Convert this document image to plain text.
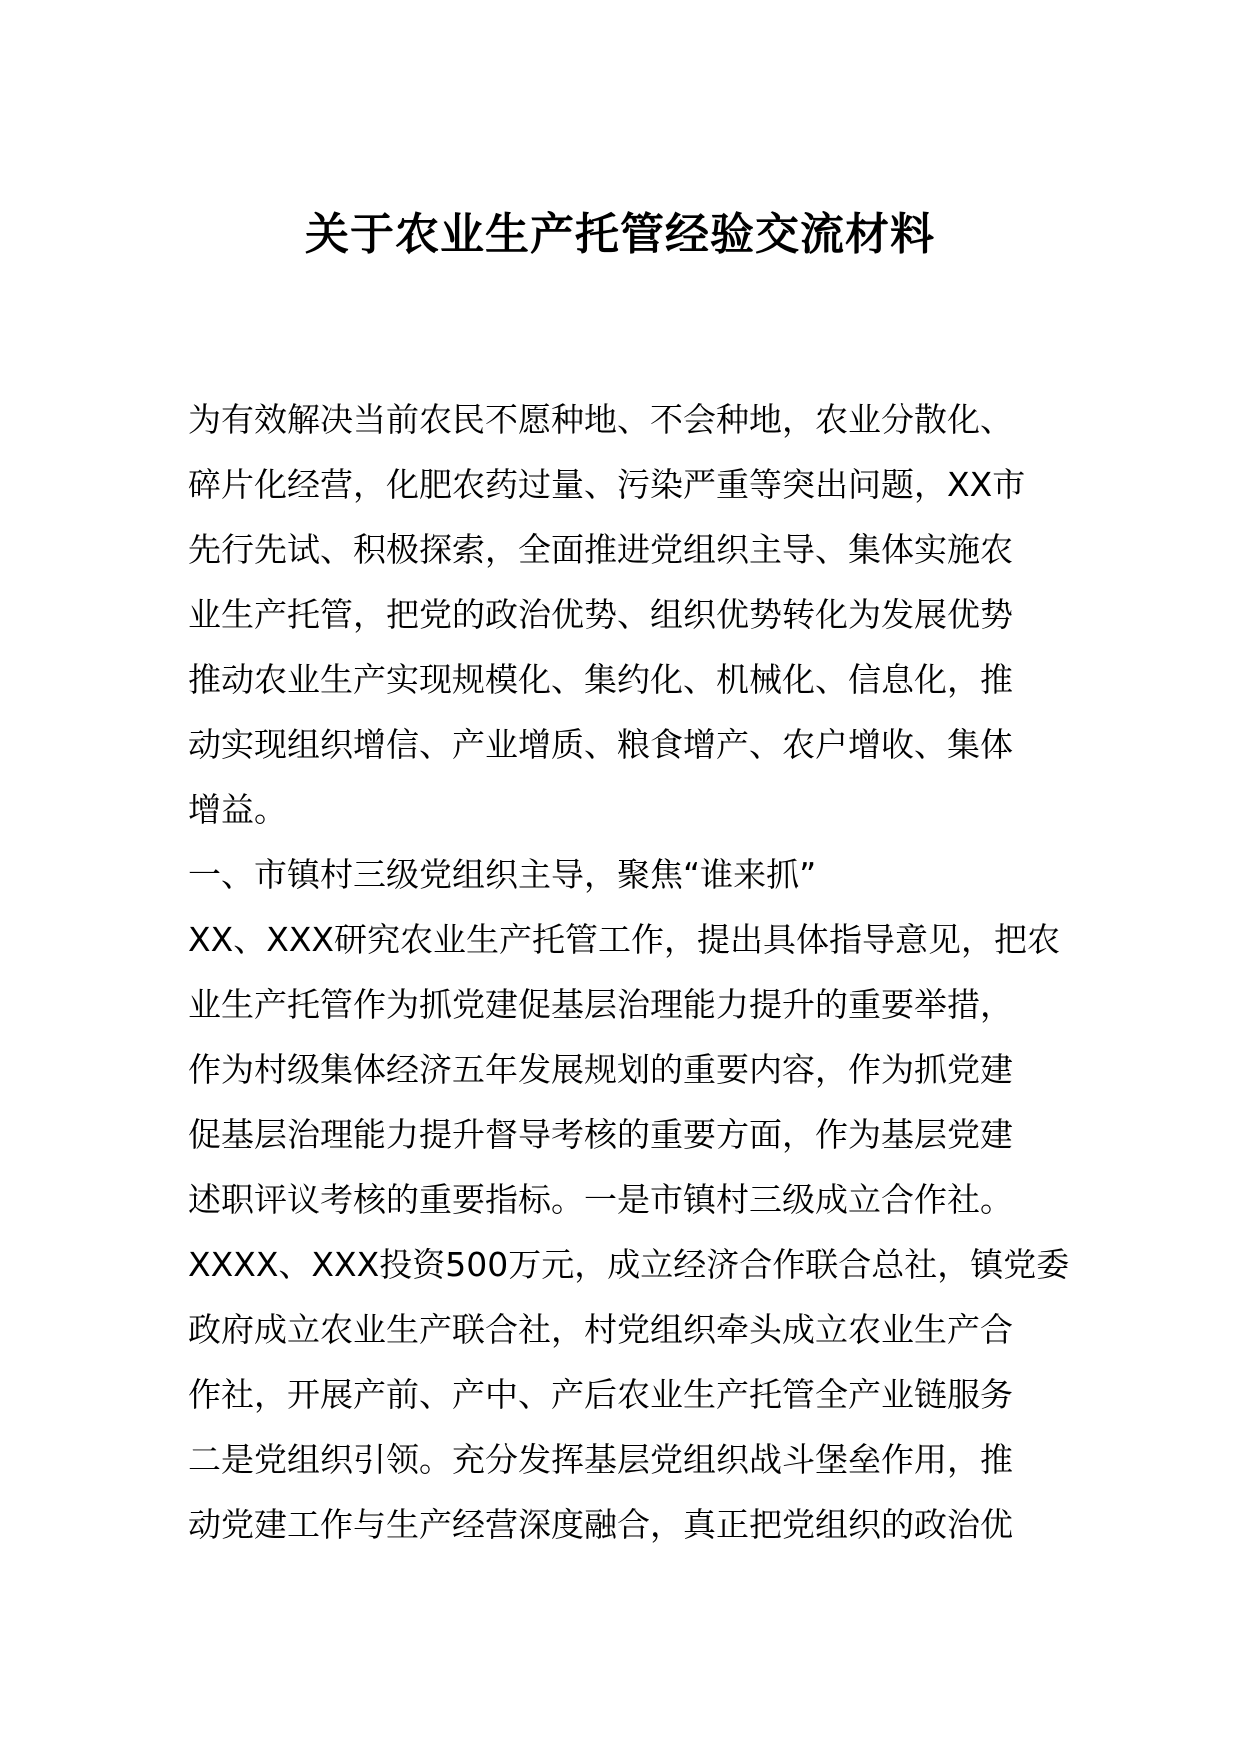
关于农业生产托管经验交流材料
为有效解决当前农民不愿种地、不会种地，农业分散化、
碎片化经营，化肥农药过量、污染严重等突出问题，XX市
先行先试、积极探索，全面推进党组织主导、集体实施农
业生产托管，把党的政治优势、组织优势转化为发展优势
推动农业生产实现规模化、集约化、机械化、信息化，推
动实现组织增信、产业增质、粮食增产、农户增收、集体
增益。
一、市镇村三级党组织主导，聚焦“谁来抓”
XX、XXX研究农业生产托管工作，提出具体指导意见，把农
业生产托管作为抓党建促基层治理能力提升的重要举措，
作为村级集体经济五年发展规划的重要内容，作为抓党建
促基层治理能力提升督导考核的重要方面，作为基层党建
述职评议考核的重要指标。一是市镇村三级成立合作社。
XXXX、XXX投资500万元，成立经济合作联合总社，镇党委
政府成立农业生产联合社，村党组织牵头成立农业生产合
作社，开展产前、产中、产后农业生产托管全产业链服务
二是党组织引领。充分发挥基层党组织战斗堡垒作用，推
动党建工作与生产经营深度融合，真正把党组织的政治优
